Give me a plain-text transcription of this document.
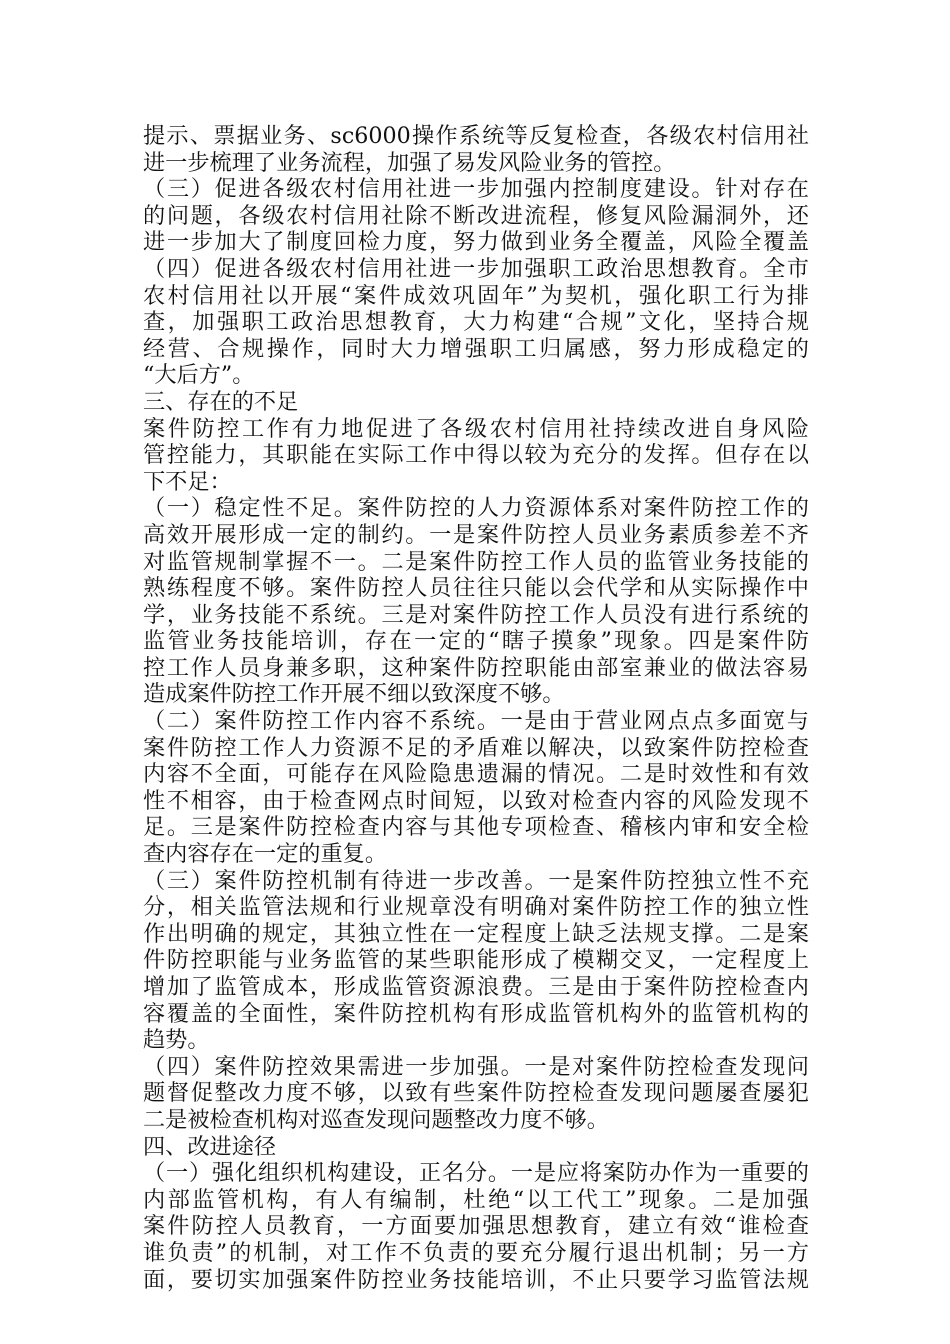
提示、票据业务、sc6000操作系统等反复检查，各级农村信用社
进一步梳理了业务流程，加强了易发风险业务的管控。
（三）促进各级农村信用社进一步加强内控制度建设。针对存在
的问题，各级农村信用社除不断改进流程，修复风险漏洞外，还
进一步加大了制度回检力度，努力做到业务全覆盖，风险全覆盖
（四）促进各级农村信用社进一步加强职工政治思想教育。全市
农村信用社以开展“案件成效巩固年”为契机，强化职工行为排
查，加强职工政治思想教育，大力构建“合规”文化，坚持合规
经营、合规操作，同时大力增强职工归属感，努力形成稳定的
“大后方”。
三、存在的不足
案件防控工作有力地促进了各级农村信用社持续改进自身风险
管控能力，其职能在实际工作中得以较为充分的发挥。但存在以
下不足：
（一）稳定性不足。案件防控的人力资源体系对案件防控工作的
高效开展形成一定的制约。一是案件防控人员业务素质参差不齐
对监管规制掌握不一。二是案件防控工作人员的监管业务技能的
熟练程度不够。案件防控人员往往只能以会代学和从实际操作中
学，业务技能不系统。三是对案件防控工作人员没有进行系统的
监管业务技能培训，存在一定的“瞎子摸象”现象。四是案件防
控工作人员身兼多职，这种案件防控职能由部室兼业的做法容易
造成案件防控工作开展不细以致深度不够。
（二）案件防控工作内容不系统。一是由于营业网点点多面宽与
案件防控工作人力资源不足的矛盾难以解决，以致案件防控检查
内容不全面，可能存在风险隐患遗漏的情况。二是时效性和有效
性不相容，由于检查网点时间短，以致对检查内容的风险发现不
足。三是案件防控检查内容与其他专项检查、稽核内审和安全检
查内容存在一定的重复。
（三）案件防控机制有待进一步改善。一是案件防控独立性不充
分，相关监管法规和行业规章没有明确对案件防控工作的独立性
作出明确的规定，其独立性在一定程度上缺乏法规支撑。二是案
件防控职能与业务监管的某些职能形成了模糊交叉，一定程度上
增加了监管成本，形成监管资源浪费。三是由于案件防控检查内
容覆盖的全面性，案件防控机构有形成监管机构外的监管机构的
趋势。
（四）案件防控效果需进一步加强。一是对案件防控检查发现问
题督促整改力度不够，以致有些案件防控检查发现问题屡查屡犯
二是被检查机构对巡查发现问题整改力度不够。
四、改进途径
（一）强化组织机构建设，正名分。一是应将案防办作为一重要的
内部监管机构，有人有编制，杜绝“以工代工”现象。二是加强
案件防控人员教育，一方面要加强思想教育，建立有效“谁检查
谁负责”的机制，对工作不负责的要充分履行退出机制；另一方
面，要切实加强案件防控业务技能培训，不止只要学习监管法规
